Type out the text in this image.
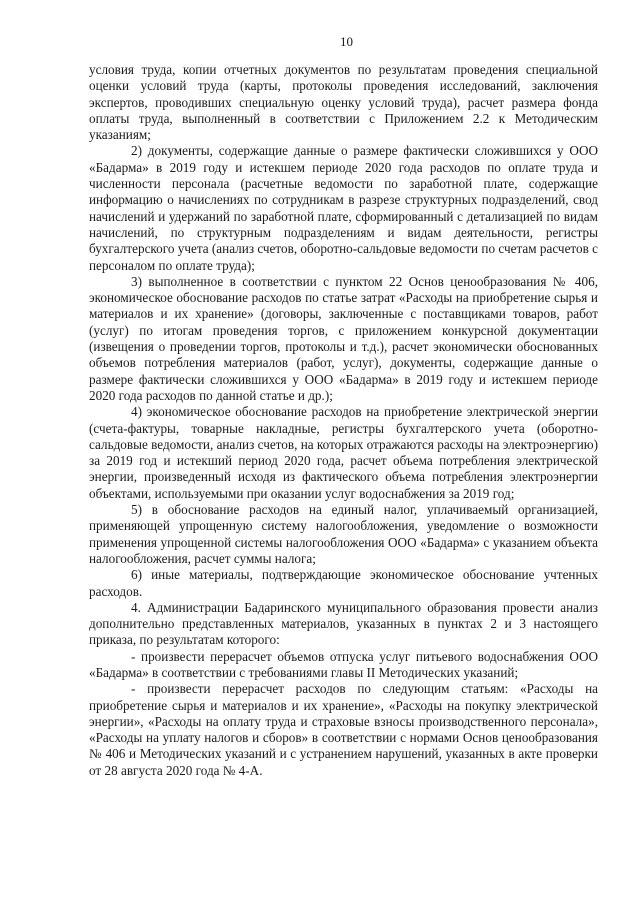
10

условия труда, копии отчетных документов по результатам проведения специальной оценки условий труда (карты, протоколы проведения исследований, заключения экспертов, проводивших специальную оценку условий труда), расчет размера фонда оплаты труда, выполненный в соответствии с Приложением 2.2 к Методическим указаниям;

2) документы, содержащие данные о размере фактически сложившихся у ООО «Бадарма» в 2019 году и истекшем периоде 2020 года расходов по оплате труда и численности персонала (расчетные ведомости по заработной плате, содержащие информацию о начислениях по сотрудникам в разрезе структурных подразделений, свод начислений и удержаний по заработной плате, сформированный с детализацией по видам начислений, по структурным подразделениям и видам деятельности, регистры бухгалтерского учета (анализ счетов, оборотно-сальдовые ведомости по счетам расчетов с персоналом по оплате труда);

3) выполненное в соответствии с пунктом 22 Основ ценообразования № 406, экономическое обоснование расходов по статье затрат «Расходы на приобретение сырья и материалов и их хранение» (договоры, заключенные с поставщиками товаров, работ (услуг) по итогам проведения торгов, с приложением конкурсной документации (извещения о проведении торгов, протоколы и т.д.), расчет экономически обоснованных объемов потребления материалов (работ, услуг), документы, содержащие данные о размере фактически сложившихся у ООО «Бадарма» в 2019 году и истекшем периоде 2020 года расходов по данной статье и др.);

4) экономическое обоснование расходов на приобретение электрической энергии (счета-фактуры, товарные накладные, регистры бухгалтерского учета (оборотно-сальдовые ведомости, анализ счетов, на которых отражаются расходы на электроэнергию) за 2019 год и истекший период 2020 года, расчет объема потребления электрической энергии, произведенный исходя из фактического объема потребления электроэнергии объектами, используемыми при оказании услуг водоснабжения за 2019 год;

5) в обоснование расходов на единый налог, уплачиваемый организацией, применяющей упрощенную систему налогообложения, уведомление о возможности применения упрощенной системы налогообложения ООО «Бадарма» с указанием объекта налогообложения, расчет суммы налога;

6) иные материалы, подтверждающие экономическое обоснование учтенных расходов.

4. Администрации Бадаринского муниципального образования провести анализ дополнительно представленных материалов, указанных в пунктах 2 и 3 настоящего приказа, по результатам которого:

- произвести перерасчет объемов отпуска услуг питьевого водоснабжения ООО «Бадарма» в соответствии с требованиями главы II Методических указаний;

- произвести перерасчет расходов по следующим статьям: «Расходы на приобретение сырья и материалов и их хранение», «Расходы на покупку электрической энергии», «Расходы на оплату труда и страховые взносы производственного персонала», «Расходы на уплату налогов и сборов» в соответствии с нормами Основ ценообразования № 406 и Методических указаний и с устранением нарушений, указанных в акте проверки от 28 августа 2020 года № 4-А.
